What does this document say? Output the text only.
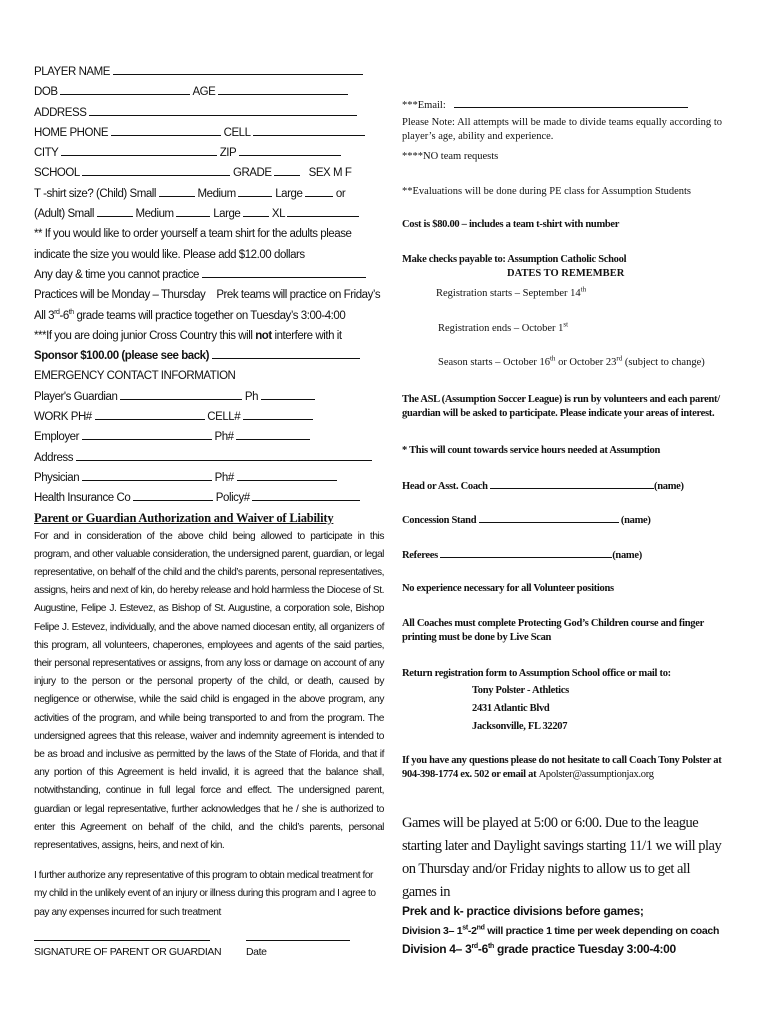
PLAYER NAME
DOB	AGE
ADDRESS
HOME PHONE	CELL
CITY	ZIP
SCHOOL	GRADE	SEX M F
T -shirt size? (Child) Small	Medium	Large	or
(Adult) Small	Medium	Large	XL
** If you would like to order yourself a team shirt for the adults please
indicate the size you would like. Please add $12.00 dollars
Any day & time you cannot practice
Practices will be Monday – Thursday Prek teams will practice on Friday’s
All 3rd-6th grade teams will practice together on Tuesday’s 3:00-4:00
***If you are doing junior Cross Country this will not interfere with it
Sponsor $100.00 (please see back)
EMERGENCY CONTACT INFORMATION
Player's Guardian	Ph
WORK PH#	CELL#
Employer	Ph#
Address
Physician	Ph#
Health Insurance Co	Policy#
Parent or Guardian Authorization and Waiver of Liability
For and in consideration of the above child being allowed to participate in this program, and other valuable consideration, the undersigned parent, guardian, or legal representative, on behalf of the child and the child’s parents, personal representatives, assigns, heirs and next of kin, do hereby release and hold harmless the Diocese of St. Augustine, Felipe J. Estevez, as Bishop of St. Augustine, a corporation sole, Bishop Felipe J. Estevez, individually, and the above named diocesan entity, all organizers of this program, all volunteers, chaperones, employees and agents of the said parties, their personal representatives or assigns, from any loss or damage on account of any injury to the person or the personal property of the child, or death, caused by negligence or otherwise, while the said child is engaged in the above program, any activities of the program, and while being transported to and from the program. The undersigned agrees that this release, waiver and indemnity agreement is intended to be as broad and inclusive as permitted by the laws of the State of Florida, and that if any portion of this Agreement is held invalid, it is agreed that the balance shall, notwithstanding, continue in full legal force and effect. The undersigned parent, guardian or legal representative, further acknowledges that he / she is authorized to enter this Agreement on behalf of the child, and the child’s parents, personal representatives, assigns, heirs, and next of kin.
I further authorize any representative of this program to obtain medical treatment for my child in the unlikely event of an injury or illness during this program and I agree to pay any expenses incurred for such treatment
SIGNATURE OF PARENT OR GUARDIAN Date
***Email:
Please Note: All attempts will be made to divide teams equally according to player’s age, ability and experience.
****NO team requests
**Evaluations will be done during PE class for Assumption Students
Cost is $80.00 – includes a team t-shirt with number
Make checks payable to: Assumption Catholic School
DATES TO REMEMBER
Registration starts – September 14th
Registration ends – October 1st
Season starts – October 16th or October 23rd (subject to change)
The ASL (Assumption Soccer League) is run by volunteers and each parent/ guardian will be asked to participate. Please indicate your areas of interest.
* This will count towards service hours needed at Assumption
Head or Asst. Coach	(name)
Concession Stand	(name)
Referees	(name)
No experience necessary for all Volunteer positions
All Coaches must complete Protecting God’s Children course and finger printing must be done by Live Scan
Return registration form to Assumption School office or mail to:
Tony Polster - Athletics
2431 Atlantic Blvd
Jacksonville, FL 32207
If you have any questions please do not hesitate to call Coach Tony Polster at 904-398-1774 ex. 502 or email at Apolster@assumptionjax.org
Games will be played at 5:00 or 6:00. Due to the league starting later and Daylight savings starting 11/1 we will play on Thursday and/or Friday nights to allow us to get all games in
Prek and k- practice divisions before games;
Division 3– 1st-2nd will practice 1 time per week depending on coach
Division 4– 3rd-6th grade practice Tuesday 3:00-4:00
